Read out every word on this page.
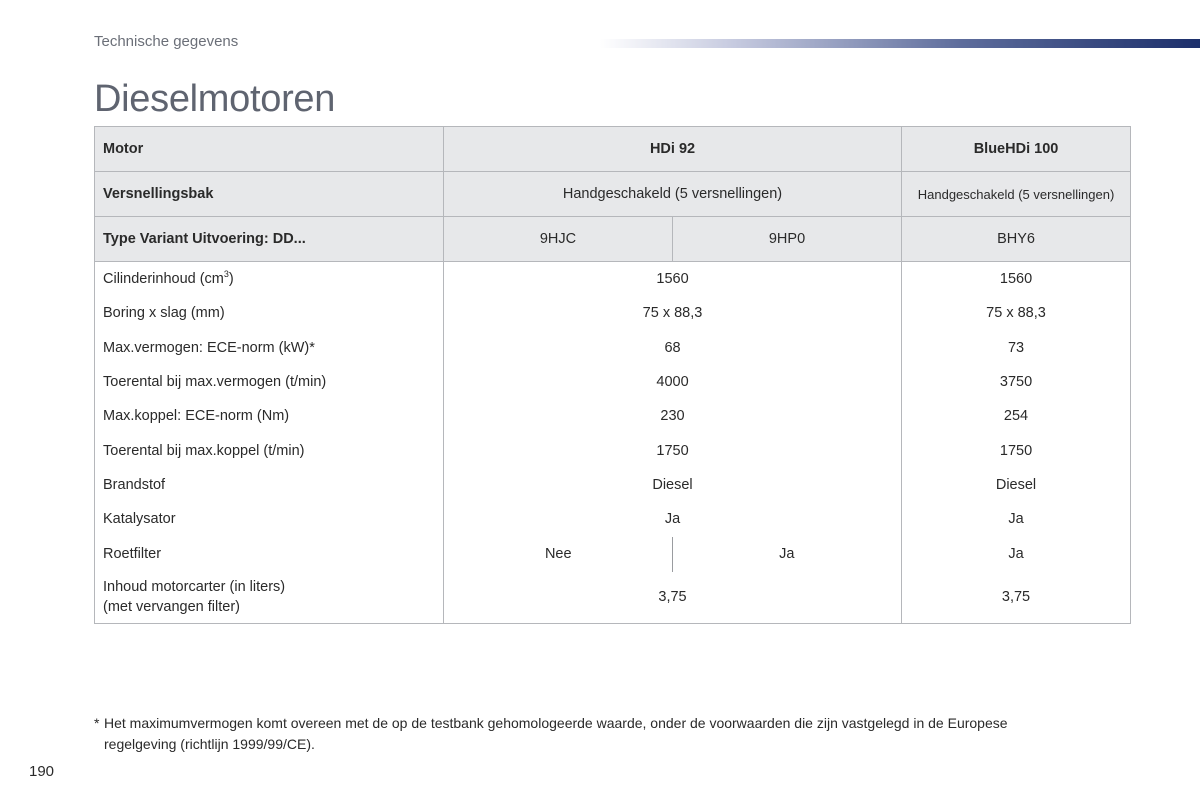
Technische gegevens
Dieselmotoren
Motor	HDi 92		BlueHDi 100
Versnellingsbak	Handgeschakeld (5 versnellingen)		Handgeschakeld (5 versnellingen)
Type Variant Uitvoering: DD...	9HJC	9HP0	BHY6
Cilinderinhoud $(cm^3)$	1560		1560
Boring x slag (mm)	75 x 88,3		75 x 88,3
Max.vermogen: ECE-norm (kW)*	68		73
Toerental bij max.vermogen (t/min)	4000		3750
Max.koppel: ECE-norm (Nm)	230		254
Toerental bij max.koppel (t/min)	1750		1750
Brandstof	Diesel		Diesel
Katalysator	Ja		Ja
Roetfilter	Nee	Ja	Ja
Inhoud motorcarter (in liters)
(met vervangen filter)	3,75		3,75
* Het maximumvermogen komt overeen met de op de testbank gehomologeerde waarde, onder de voorwaarden die zijn vastgelegd in de Europese
regelgeving (richtlijn 1999/99/CE).
190
